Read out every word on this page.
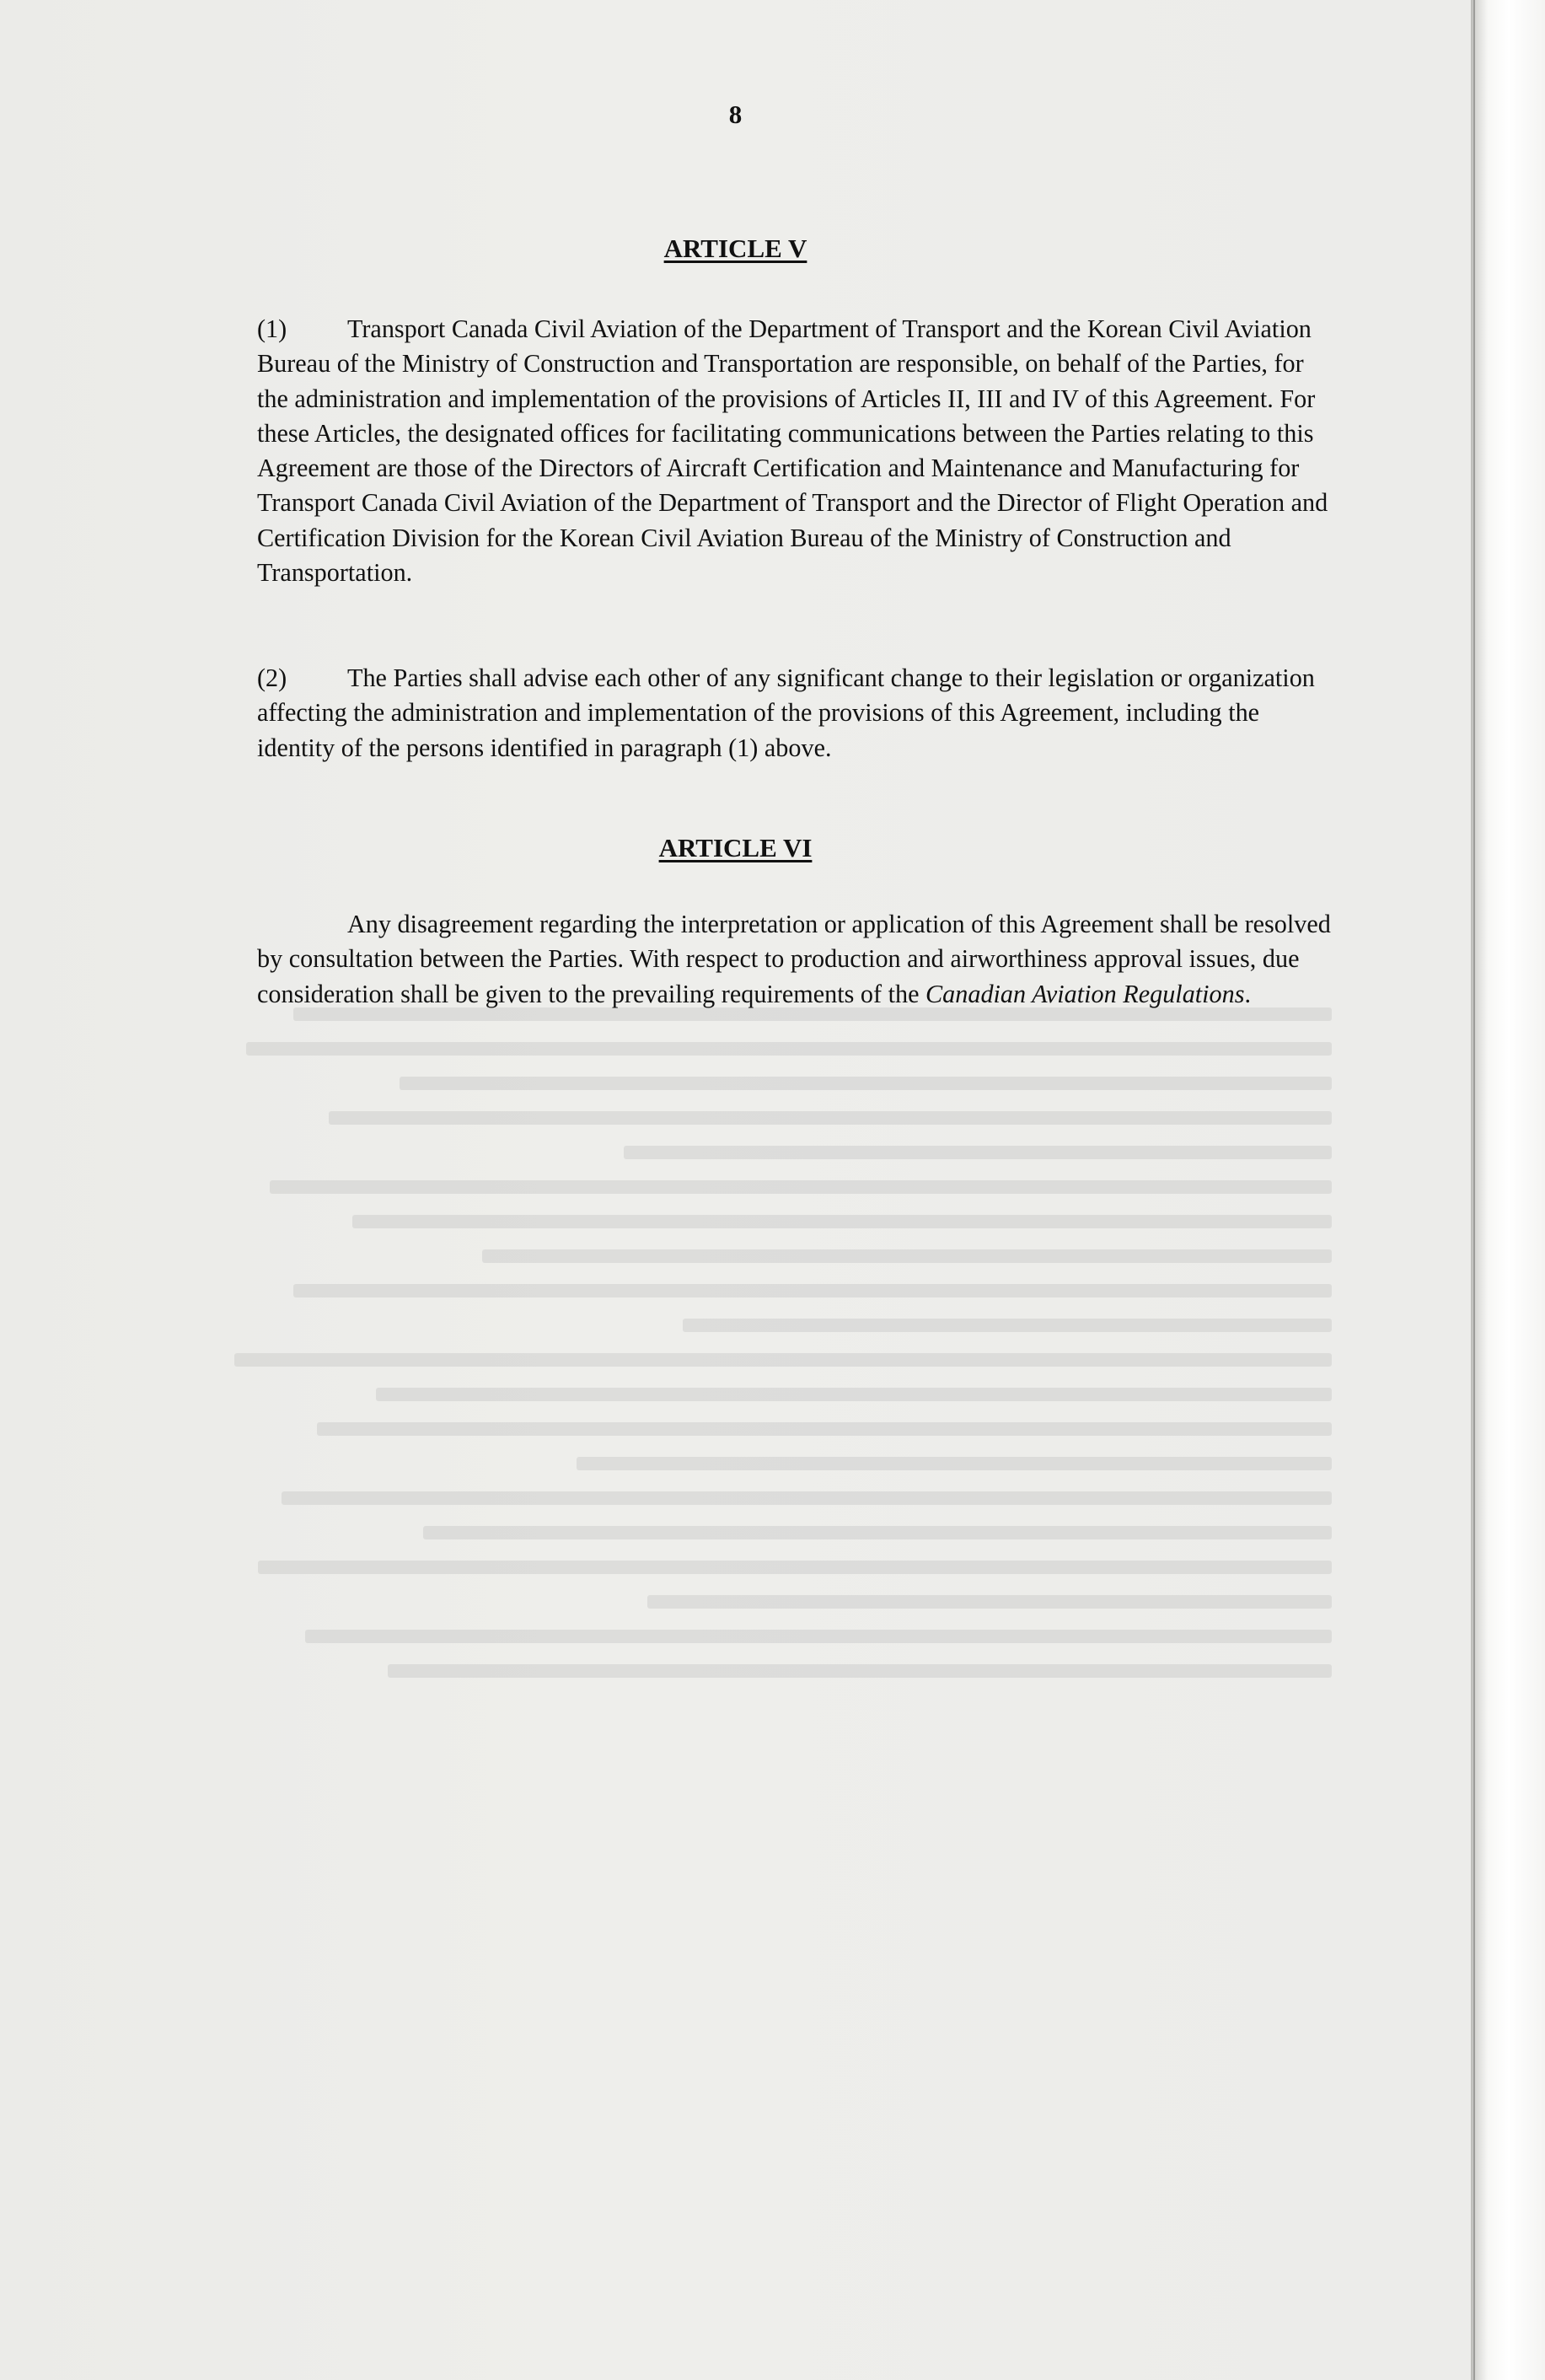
8

ARTICLE V

(1) Transport Canada Civil Aviation of the Department of Transport and the Korean Civil Aviation Bureau of the Ministry of Construction and Transportation are responsible, on behalf of the Parties, for the administration and implementation of the provisions of Articles II, III and IV of this Agreement. For these Articles, the designated offices for facilitating communications between the Parties relating to this Agreement are those of the Directors of Aircraft Certification and Maintenance and Manufacturing for Transport Canada Civil Aviation of the Department of Transport and the Director of Flight Operation and Certification Division for the Korean Civil Aviation Bureau of the Ministry of Construction and Transportation.

(2) The Parties shall advise each other of any significant change to their legislation or organization affecting the administration and implementation of the provisions of this Agreement, including the identity of the persons identified in paragraph (1) above.

ARTICLE VI

Any disagreement regarding the interpretation or application of this Agreement shall be resolved by consultation between the Parties. With respect to production and airworthiness approval issues, due consideration shall be given to the prevailing requirements of the Canadian Aviation Regulations.
